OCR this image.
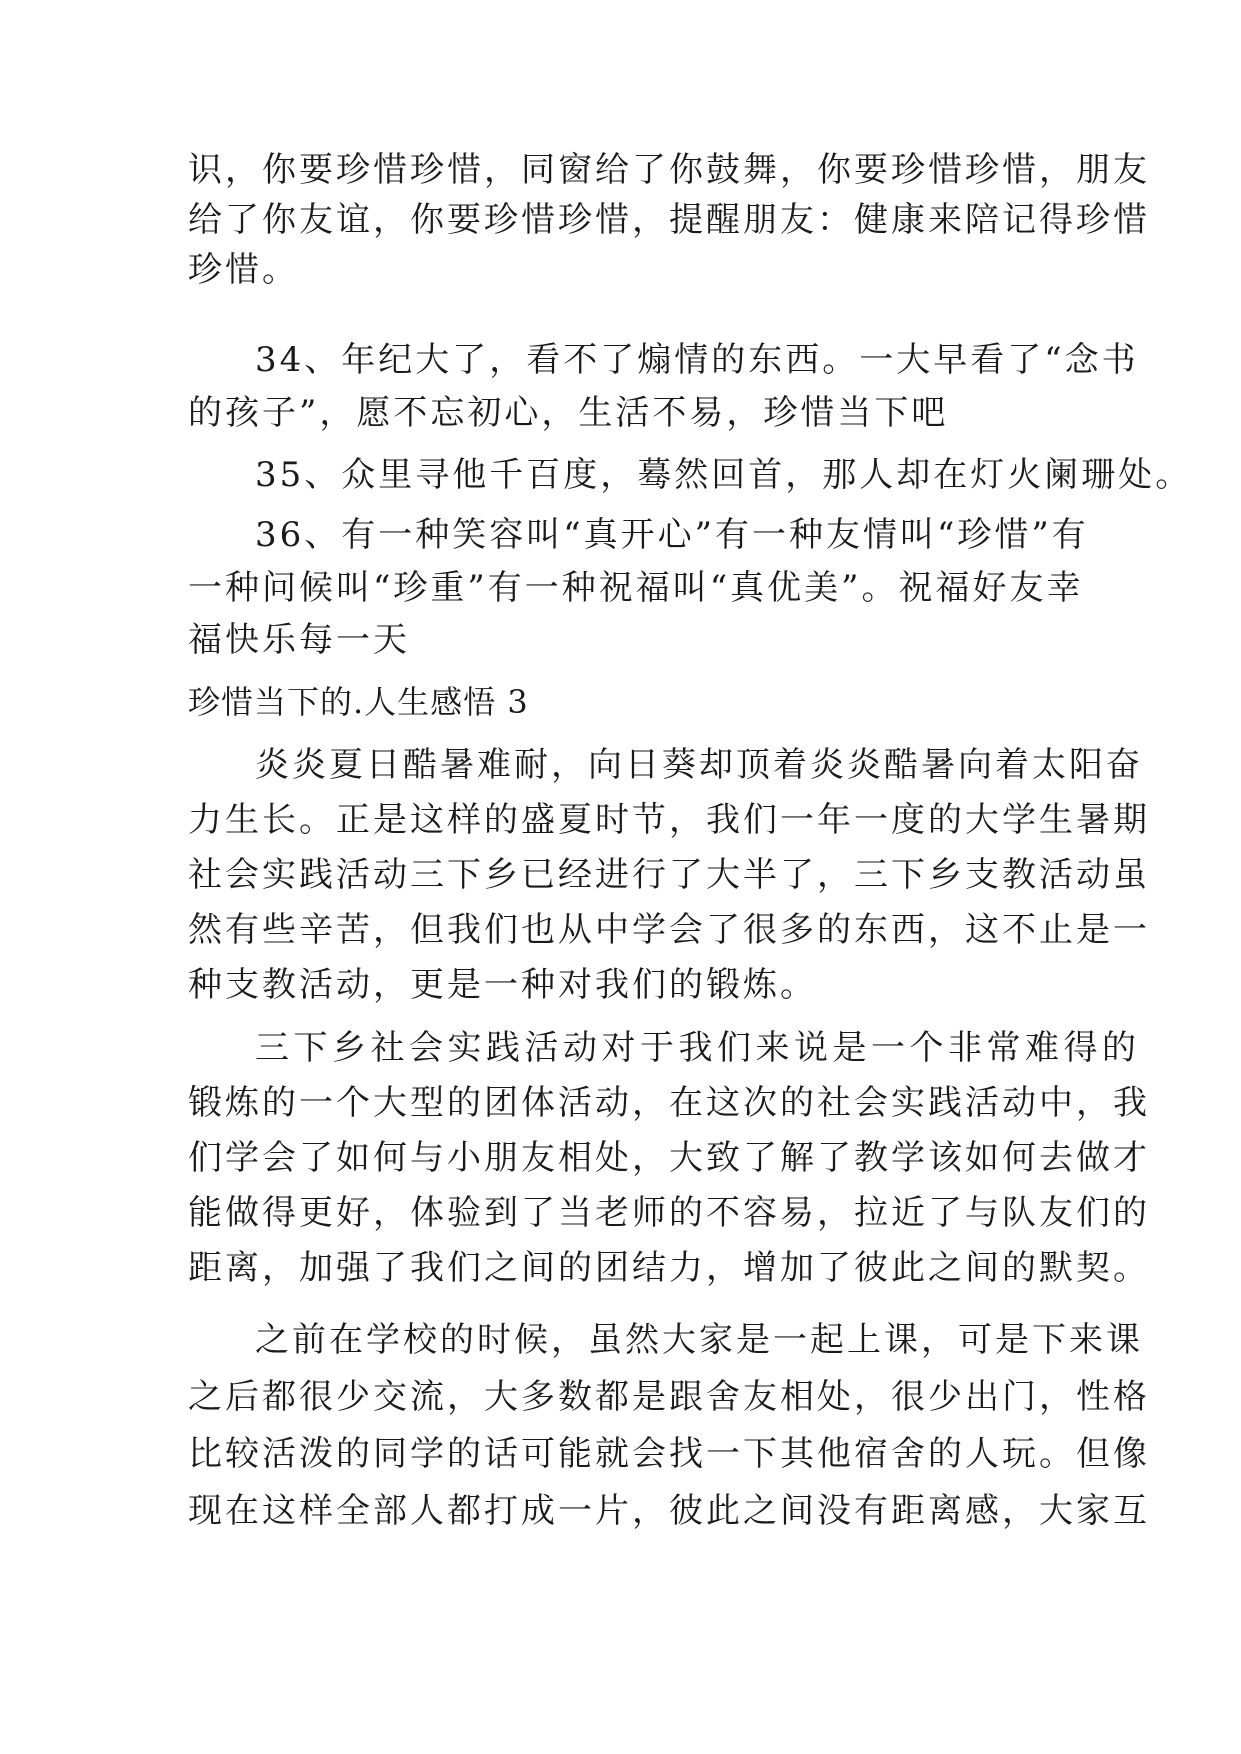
识，你要珍惜珍惜，同窗给了你鼓舞，你要珍惜珍惜，朋友
给了你友谊，你要珍惜珍惜，提醒朋友：健康来陪记得珍惜
珍惜。
34、年纪大了，看不了煽情的东西。一大早看了“念书
的孩子”，愿不忘初心，生活不易，珍惜当下吧
35、众里寻他千百度，蓦然回首，那人却在灯火阑珊处。
36、有一种笑容叫“真开心”有一种友情叫“珍惜”有
一种问候叫“珍重”有一种祝福叫“真优美”。祝福好友幸
福快乐每一天
珍惜当下的.人生感悟 3
炎炎夏日酷暑难耐，向日葵却顶着炎炎酷暑向着太阳奋
力生长。正是这样的盛夏时节，我们一年一度的大学生暑期
社会实践活动三下乡已经进行了大半了，三下乡支教活动虽
然有些辛苦，但我们也从中学会了很多的东西，这不止是一
种支教活动，更是一种对我们的锻炼。
三下乡社会实践活动对于我们来说是一个非常难得的
锻炼的一个大型的团体活动，在这次的社会实践活动中，我
们学会了如何与小朋友相处，大致了解了教学该如何去做才
能做得更好，体验到了当老师的不容易，拉近了与队友们的
距离，加强了我们之间的团结力，增加了彼此之间的默契。
之前在学校的时候，虽然大家是一起上课，可是下来课
之后都很少交流，大多数都是跟舍友相处，很少出门，性格
比较活泼的同学的话可能就会找一下其他宿舍的人玩。但像
现在这样全部人都打成一片，彼此之间没有距离感，大家互
